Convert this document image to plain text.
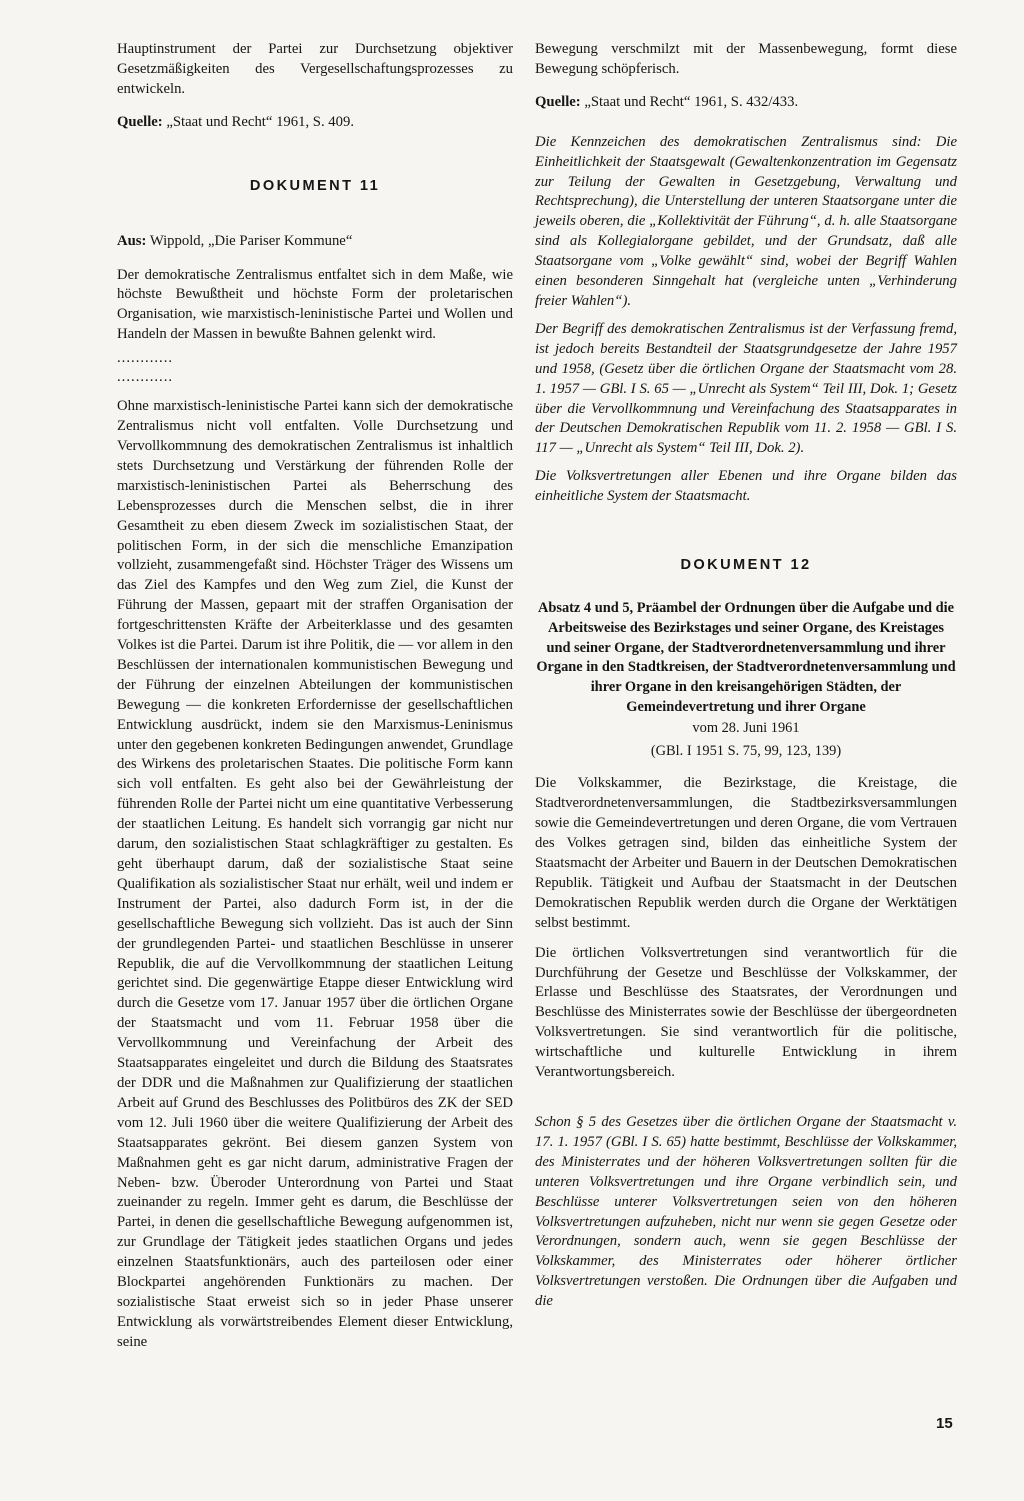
Hauptinstrument der Partei zur Durchsetzung objektiver Gesetzmäßigkeiten des Vergesellschaftungsprozesses zu entwickeln.

Quelle: „Staat und Recht“ 1961, S. 409.

DOKUMENT 11

Aus: Wippold, „Die Pariser Kommune“

Der demokratische Zentralismus entfaltet sich in dem Maße, wie höchste Bewußtheit und höchste Form der proletarischen Organisation, wie marxistisch-leninistische Partei und Wollen und Handeln der Massen in bewußte Bahnen gelenkt wird.

............
............

Ohne marxistisch-leninistische Partei kann sich der demokratische Zentralismus nicht voll entfalten. Volle Durchsetzung und Vervollkommnung des demokratischen Zentralismus ist inhaltlich stets Durchsetzung und Verstärkung der führenden Rolle der marxistisch-leninistischen Partei als Beherrschung des Lebensprozesses durch die Menschen selbst, die in ihrer Gesamtheit zu eben diesem Zweck im sozialistischen Staat, der politischen Form, in der sich die menschliche Emanzipation vollzieht, zusammengefaßt sind. Höchster Träger des Wissens um das Ziel des Kampfes und den Weg zum Ziel, die Kunst der Führung der Massen, gepaart mit der straffen Organisation der fortgeschrittensten Kräfte der Arbeiterklasse und des gesamten Volkes ist die Partei. Darum ist ihre Politik, die — vor allem in den Beschlüssen der internationalen kommunistischen Bewegung und der Führung der einzelnen Abteilungen der kommunistischen Bewegung — die konkreten Erfordernisse der gesellschaftlichen Entwicklung ausdrückt, indem sie den Marxismus-Leninismus unter den gegebenen konkreten Bedingungen anwendet, Grundlage des Wirkens des proletarischen Staates. Die politische Form kann sich voll entfalten. Es geht also bei der Gewährleistung der führenden Rolle der Partei nicht um eine quantitative Verbesserung der staatlichen Leitung. Es handelt sich vorrangig gar nicht nur darum, den sozialistischen Staat schlagkräftiger zu gestalten. Es geht überhaupt darum, daß der sozialistische Staat seine Qualifikation als sozialistischer Staat nur erhält, weil und indem er Instrument der Partei, also dadurch Form ist, in der die gesellschaftliche Bewegung sich vollzieht. Das ist auch der Sinn der grundlegenden Partei- und staatlichen Beschlüsse in unserer Republik, die auf die Vervollkommnung der staatlichen Leitung gerichtet sind. Die gegenwärtige Etappe dieser Entwicklung wird durch die Gesetze vom 17. Januar 1957 über die örtlichen Organe der Staatsmacht und vom 11. Februar 1958 über die Vervollkommnung und Vereinfachung der Arbeit des Staatsapparates eingeleitet und durch die Bildung des Staatsrates der DDR und die Maßnahmen zur Qualifizierung der staatlichen Arbeit auf Grund des Beschlusses des Politbüros des ZK der SED vom 12. Juli 1960 über die weitere Qualifizierung der Arbeit des Staatsapparates gekrönt. Bei diesem ganzen System von Maßnahmen geht es gar nicht darum, administrative Fragen der Neben- bzw. Überoder Unterordnung von Partei und Staat zueinander zu regeln. Immer geht es darum, die Beschlüsse der Partei, in denen die gesellschaftliche Bewegung aufgenommen ist, zur Grundlage der Tätigkeit jedes staatlichen Organs und jedes einzelnen Staatsfunktionärs, auch des parteilosen oder einer Blockpartei angehörenden Funktionärs zu machen. Der sozialistische Staat erweist sich so in jeder Phase unserer Entwicklung als vorwärtstreibendes Element dieser Entwicklung, seine

Bewegung verschmilzt mit der Massenbewegung, formt diese Bewegung schöpferisch.

Quelle: „Staat und Recht“ 1961, S. 432/433.

Die Kennzeichen des demokratischen Zentralismus sind: Die Einheitlichkeit der Staatsgewalt (Gewaltenkonzentration im Gegensatz zur Teilung der Gewalten in Gesetzgebung, Verwaltung und Rechtsprechung), die Unterstellung der unteren Staatsorgane unter die jeweils oberen, die „Kollektivität der Führung“, d. h. alle Staatsorgane sind als Kollegialorgane gebildet, und der Grundsatz, daß alle Staatsorgane vom „Volke gewählt“ sind, wobei der Begriff Wahlen einen besonderen Sinngehalt hat (vergleiche unten „Verhinderung freier Wahlen“).

Der Begriff des demokratischen Zentralismus ist der Verfassung fremd, ist jedoch bereits Bestandteil der Staatsgrundgesetze der Jahre 1957 und 1958, (Gesetz über die örtlichen Organe der Staatsmacht vom 28. 1. 1957 — GBl. I S. 65 — „Unrecht als System“ Teil III, Dok. 1; Gesetz über die Vervollkommnung und Vereinfachung des Staatsapparates in der Deutschen Demokratischen Republik vom 11. 2. 1958 — GBl. I S. 117 — „Unrecht als System“ Teil III, Dok. 2).

Die Volksvertretungen aller Ebenen und ihre Organe bilden das einheitliche System der Staatsmacht.

DOKUMENT 12

Absatz 4 und 5, Präambel der Ordnungen über die Aufgabe und die Arbeitsweise des Bezirkstages und seiner Organe, des Kreistages und seiner Organe, der Stadtverordnetenversammlung und ihrer Organe in den Stadtkreisen, der Stadtverordnetenversammlung und ihrer Organe in den kreisangehörigen Städten, der Gemeindevertretung und ihrer Organe

vom 28. Juni 1961

(GBl. I 1951 S. 75, 99, 123, 139)

Die Volkskammer, die Bezirkstage, die Kreistage, die Stadtverordnetenversammlungen, die Stadtbezirksversammlungen sowie die Gemeindevertretungen und deren Organe, die vom Vertrauen des Volkes getragen sind, bilden das einheitliche System der Staatsmacht der Arbeiter und Bauern in der Deutschen Demokratischen Republik. Tätigkeit und Aufbau der Staatsmacht in der Deutschen Demokratischen Republik werden durch die Organe der Werktätigen selbst bestimmt.

Die örtlichen Volksvertretungen sind verantwortlich für die Durchführung der Gesetze und Beschlüsse der Volkskammer, der Erlasse und Beschlüsse des Staatsrates, der Verordnungen und Beschlüsse des Ministerrates sowie der Beschlüsse der übergeordneten Volksvertretungen. Sie sind verantwortlich für die politische, wirtschaftliche und kulturelle Entwicklung in ihrem Verantwortungsbereich.

Schon § 5 des Gesetzes über die örtlichen Organe der Staatsmacht v. 17. 1. 1957 (GBl. I S. 65) hatte bestimmt, Beschlüsse der Volkskammer, des Ministerrates und der höheren Volksvertretungen sollten für die unteren Volksvertretungen und ihre Organe verbindlich sein, und Beschlüsse unterer Volksvertretungen seien von den höheren Volksvertretungen aufzuheben, nicht nur wenn sie gegen Gesetze oder Verordnungen, sondern auch, wenn sie gegen Beschlüsse der Volkskammer, des Ministerrates oder höherer örtlicher Volksvertretungen verstoßen. Die Ordnungen über die Aufgaben und die

15
